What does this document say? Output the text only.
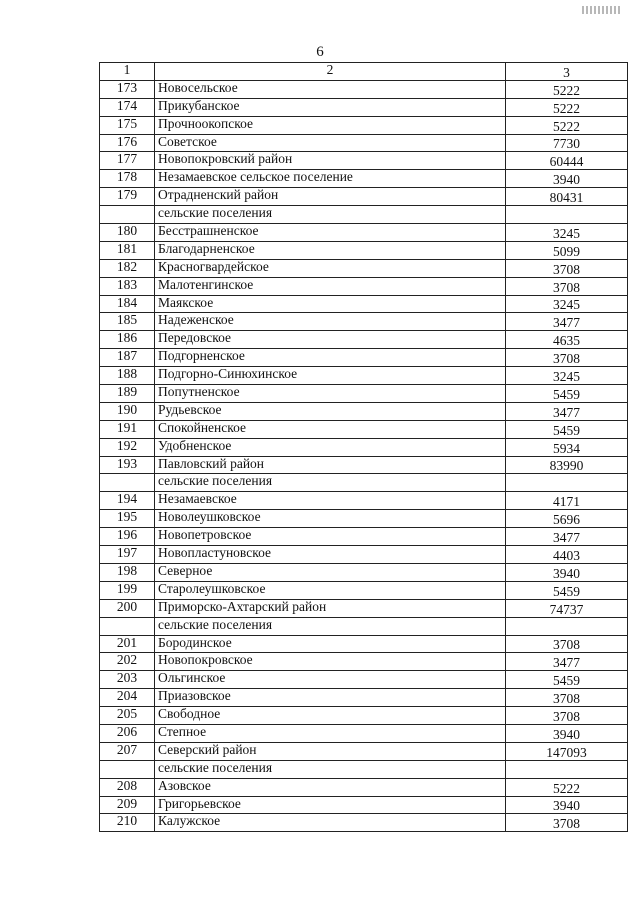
6
1	2	3
173	Новосельское	5222
174	Прикубанское	5222
175	Прочноокопское	5222
176	Советское	7730
177	Новопокровский район	60444
178	Незамаевское сельское поселение	3940
179	Отрадненский район	80431
	сельские поселения	
180	Бесстрашненское	3245
181	Благодарненское	5099
182	Красногвардейское	3708
183	Малотенгинское	3708
184	Маякское	3245
185	Надеженское	3477
186	Передовское	4635
187	Подгорненское	3708
188	Подгорно-Синюхинское	3245
189	Попутненское	5459
190	Рудьевское	3477
191	Спокойненское	5459
192	Удобненское	5934
193	Павловский район	83990
	сельские поселения	
194	Незамаевское	4171
195	Новолеушковское	5696
196	Новопетровское	3477
197	Новопластуновское	4403
198	Северное	3940
199	Старолеушковское	5459
200	Приморско-Ахтарский район	74737
	сельские поселения	
201	Бородинское	3708
202	Новопокровское	3477
203	Ольгинское	5459
204	Приазовское	3708
205	Свободное	3708
206	Степное	3940
207	Северский район	147093
	сельские поселения	
208	Азовское	5222
209	Григорьевское	3940
210	Калужское	3708
